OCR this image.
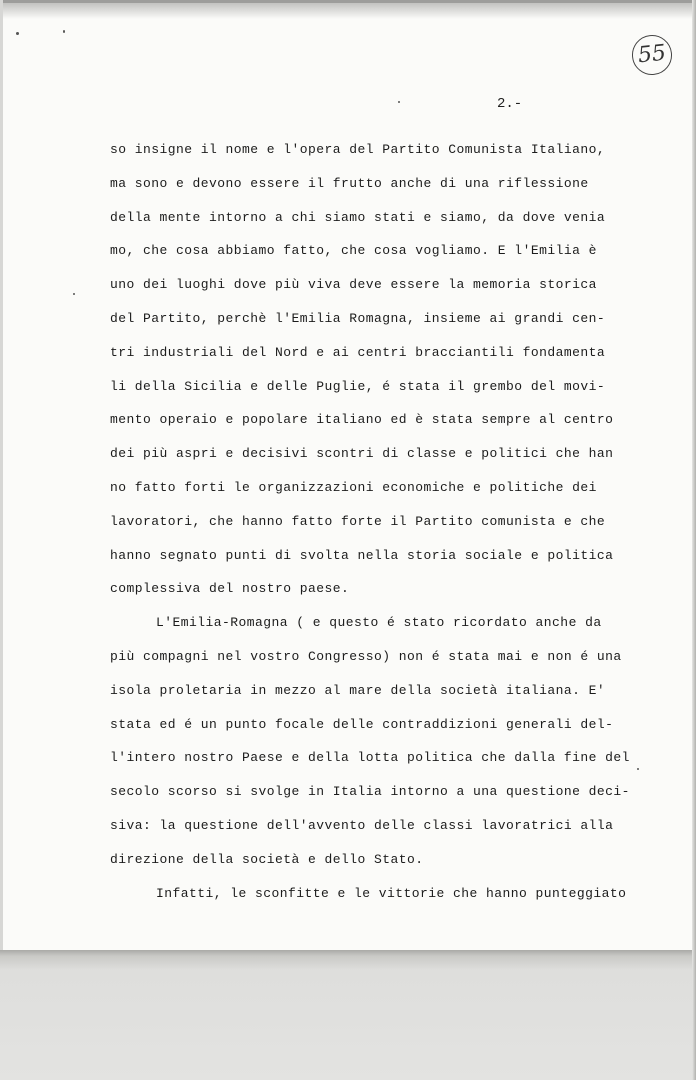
55
2.-
so insigne il nome e l'opera del Partito Comunista Italiano,
ma sono e devono essere il frutto anche di una riflessione
della mente intorno a chi siamo stati e siamo, da dove venia
mo, che cosa abbiamo fatto, che cosa vogliamo. E l'Emilia è
uno dei luoghi dove più viva deve essere la memoria storica
del Partito, perchè l'Emilia Romagna, insieme ai grandi cen-
tri industriali del Nord e ai centri bracciantili fondamenta
li della Sicilia e delle Puglie, é stata il grembo del movi-
mento operaio e popolare italiano ed è stata sempre al centro
dei più aspri e decisivi scontri di classe e politici che han
no fatto forti le organizzazioni economiche e politiche dei
lavoratori, che hanno fatto forte il Partito comunista e che
hanno segnato punti di svolta nella storia sociale e politica
complessiva del nostro paese.
L'Emilia-Romagna ( e questo é stato ricordato anche da
più compagni nel vostro Congresso) non é stata mai e non é una
isola proletaria in mezzo al mare della società italiana. E'
stata ed é un punto focale delle contraddizioni generali del-
l'intero nostro Paese e della lotta politica che dalla fine del
secolo scorso si svolge in Italia intorno a una questione deci-
siva: la questione dell'avvento delle classi lavoratrici alla
direzione della società e dello Stato.
Infatti, le sconfitte e le vittorie che hanno punteggiato
